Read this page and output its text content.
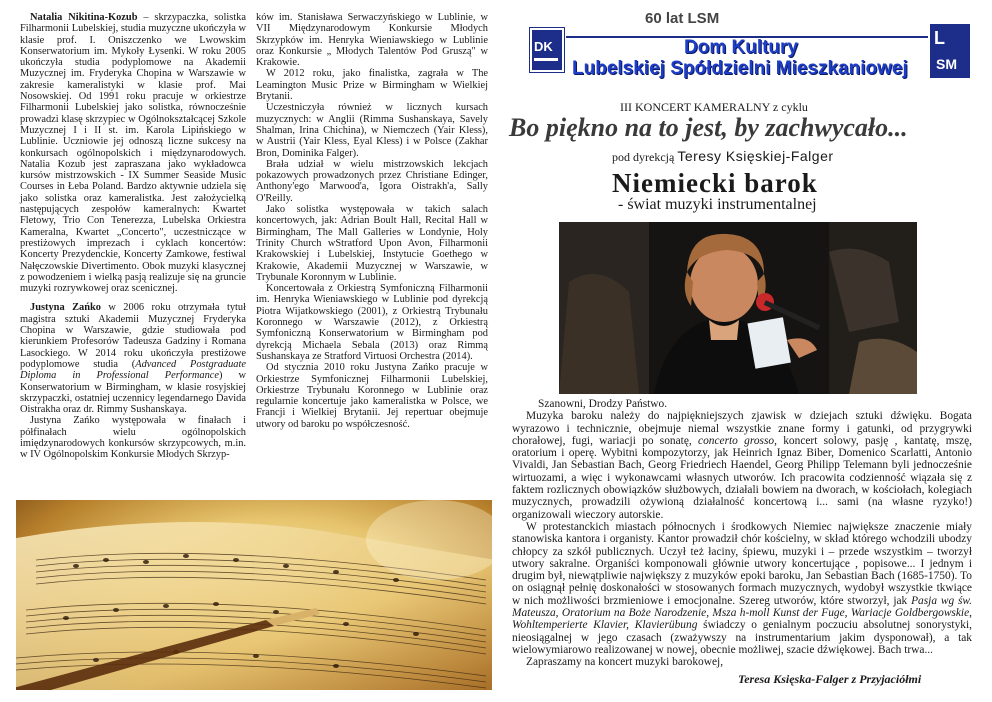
Natalia Nikitina-Kozub – skrzypaczka, solistka Filharmonii Lubelskiej, studia muzyczne ukończyła w klasie prof. I. Oniszczenko we Lwowskim Konserwatorium im. Mykoły Łysenki. W roku 2005 ukończyła studia podyplomowe na Akademii Muzycznej im. Fryderyka Chopina w Warszawie w zakresie kameralistyki w klasie prof. Mai Nosowskiej. Od 1991 roku pracuje w orkiestrze Filharmonii Lubelskiej jako solistka, równocześnie prowadzi klasę skrzypiec w Ogólnokształcącej Szkole Muzycznej I i II st. im. Karola Lipińskiego w Lublinie. Uczniowie jej odnoszą liczne sukcesy na konkursach ogólnopolskich i międzynarodowych. Natalia Kozub jest zapraszana jako wykładowca kursów mistrzowskich - IX Summer Seaside Music Courses in Łeba Poland. Bardzo aktywnie udziela się jako solistka oraz kameralistka. Jest założycielką następujących zespołów kameralnych: Kwartet Fletowy, Trio Con Tenerezza, Lubelska Orkiestra Kameralna, Kwartet „Concerto", uczestniczące w prestiżowych imprezach i cyklach koncertów: Koncerty Prezydenckie, Koncerty Zamkowe, festiwal Nałęczowskie Divertimento. Obok muzyki klasycznej z powodzeniem i wielką pasją realizuje się na gruncie muzyki rozrywkowej oraz scenicznej.

Justyna Zańko w 2006 roku otrzymała tytuł magistra sztuki Akademii Muzycznej Fryderyka Chopina w Warszawie, gdzie studiowała pod kierunkiem Profesorów Tadeusza Gadziny i Romana Lasockiego. W 2014 roku ukończyła prestiżowe podyplomowe studia (Advanced Postgraduate Diploma in Professional Performance) w Konserwatorium w Birmingham, w klasie rosyjskiej skrzypaczki, ostatniej uczennicy legendarnego Davida Oistrakha oraz dr. Rimmy Sushanskaya.

Justyna Zańko występowała w finałach i półfinałach wielu ogólnopolskich imiędzynarodowych konkursów skrzypcowych, m.in. w IV Ogólnopolskim Konkursie Młodych Skrzyp-

ków im. Stanisława Serwaczyńskiego w Lublinie, w VII Międzynarodowym Konkursie Młodych Skrzypków im. Henryka Wieniawskiego w Lublinie oraz Konkursie „ Młodych Talentów Pod Gruszą" w Krakowie.

W 2012 roku, jako finalistka, zagrała w The Leamington Music Prize w Birmingham w Wielkiej Brytanii.

Uczestniczyła również w licznych kursach muzycznych: w Anglii (Rimma Sushanskaya, Savely Shalman, Irina Chichina), w Niemczech (Yair Kless), w Austrii (Yair Kless, Eyal Kless) i w Polsce (Zakhar Bron, Dominika Falger).

Brała udział w wielu mistrzowskich lekcjach pokazowych prowadzonych przez Christiane Edinger, Anthony'ego Marwood'a, Igora Oistrakh'a, Sally O'Reilly.

Jako solistka występowała w takich salach koncertowych, jak: Adrian Boult Hall, Recital Hall w Birmingham, The Mall Galleries w Londynie, Holy Trinity Church wStratford Upon Avon, Filharmonii Krakowskiej i Lubelskiej, Instytucie Goethego w Krakowie, Akademii Muzycznej w Warszawie, w Trybunale Koronnym w Lublinie.

Koncertowała z Orkiestrą Symfoniczną Filharmonii im. Henryka Wieniawskiego w Lublinie pod dyrekcją Piotra Wijatkowskiego (2001), z Orkiestrą Trybunału Koronnego w Warszawie (2012), z Orkiestrą Symfoniczną Konserwatorium w Birmingham pod dyrekcją Michaela Sebala (2013) oraz Rimmą Sushanskaya ze Stratford Virtuosi Orchestra (2014).

Od stycznia 2010 roku Justyna Zańko pracuje w Orkiestrze Symfonicznej Filharmonii Lubelskiej, Orkiestrze Trybunału Koronnego w Lublinie oraz regularnie koncertuje jako kameralistka w Polsce, we Francji i Wielkiej Brytanii. Jej repertuar obejmuje utwory od baroku po współczesność.

60 lat LSM
DK	Dom Kultury
Lubelskiej Spółdzielni Mieszkaniowej
L
SM
III KONCERT KAMERALNY z cyklu
Bo piękno na to jest, by zachwycało...
pod dyrekcją Teresy Księskiej-Falger
Niemiecki barok
- świat muzyki instrumentalnej

Szanowni, Drodzy Państwo.

Muzyka baroku należy do najpiękniejszych zjawisk w dziejach sztuki dźwięku. Bogata wyrazowo i technicznie, obejmuje niemal wszystkie znane formy i gatunki, od przygrywki chorałowej, fugi, wariacji po sonatę, concerto grosso, koncert solowy, pasję , kantatę, mszę, oratorium i operę. Wybitni kompozytorzy, jak Heinrich Ignaz Biber, Domenico Scarlatti, Antonio Vivaldi, Jan Sebastian Bach, Georg Friedriech Haendel, Georg Philipp Telemann byli jednocześnie wirtuozami, a więc i wykonawcami własnych utworów. Ich pracowita codzienność wiązała się z faktem rozlicznych obowiązków służbowych, działali bowiem na dworach, w kościołach, kolegiach muzycznych, prowadzili ożywioną działalność koncertową i... sami (na własne ryzyko!) organizowali wieczory autorskie.

W protestanckich miastach północnych i środkowych Niemiec największe znaczenie miały stanowiska kantora i organisty. Kantor prowadził chór kościelny, w skład którego wchodzili ubodzy chłopcy za szkół publicznych. Uczył też łaciny, śpiewu, muzyki i – przede wszystkim – tworzył utwory sakralne. Organiści komponowali głównie utwory koncertujące , popisowe... I jednym i drugim był, niewątpliwie największy z muzyków epoki baroku, Jan Sebastian Bach (1685-1750). To on osiągnął pełnię doskonałości w stosowanych formach muzycznych, wydobył wszystkie tkwiące w nich możliwości brzmieniowe i emocjonalne. Szereg utworów, które stworzył, jak Pasja wg św. Mateusza, Oratorium na Boże Narodzenie, Msza h-moll Kunst der Fuge, Wariacje Goldbergowskie, Wohltemperierte Klavier, Klavierübung świadczy o genialnym poczuciu absolutnej sonorystyki, nieosiągalnej w jego czasach (zważywszy na instrumentarium jakim dysponował), a tak wielowymiarowo realizowanej w nowej, obecnie możliwej, szacie dźwiękowej. Bach trwa...

Zapraszamy na koncert muzyki barokowej,

Teresa Księska-Falger z Przyjaciółmi
